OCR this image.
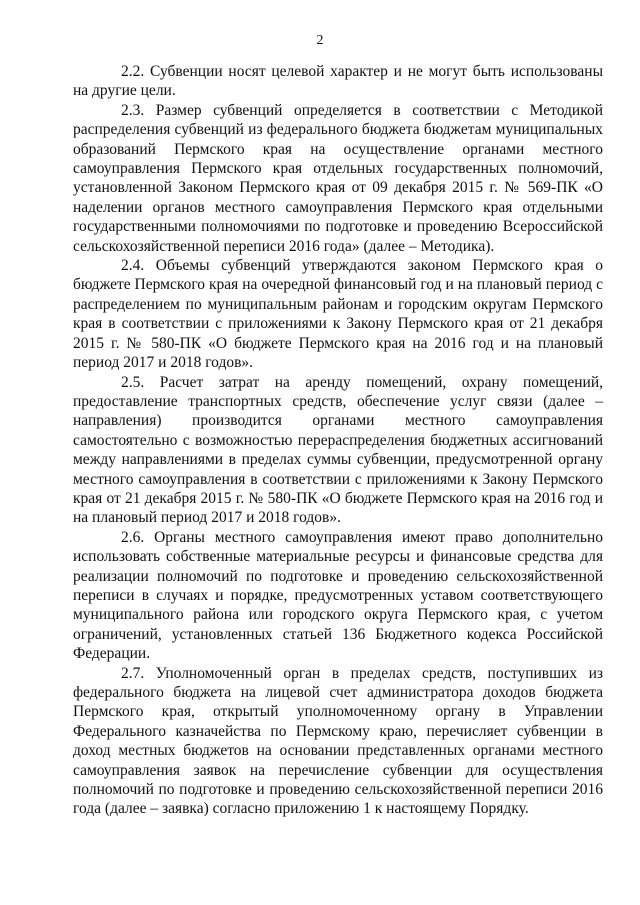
2

2.2. Субвенции носят целевой характер и не могут быть использованы на другие цели.

2.3. Размер субвенций определяется в соответствии с Методикой распределения субвенций из федерального бюджета бюджетам муниципальных образований Пермского края на осуществление органами местного самоуправления Пермского края отдельных государственных полномочий, установленной Законом Пермского края от 09 декабря 2015 г. № 569-ПК «О наделении органов местного самоуправления Пермского края отдельными государственными полномочиями по подготовке и проведению Всероссийской сельскохозяйственной переписи 2016 года» (далее – Методика).

2.4. Объемы субвенций утверждаются законом Пермского края о бюджете Пермского края на очередной финансовый год и на плановый период с распределением по муниципальным районам и городским округам Пермского края в соответствии с приложениями к Закону Пермского края от 21 декабря 2015 г. № 580-ПК «О бюджете Пермского края на 2016 год и на плановый период 2017 и 2018 годов».

2.5. Расчет затрат на аренду помещений, охрану помещений, предоставление транспортных средств, обеспечение услуг связи (далее – направления) производится органами местного самоуправления самостоятельно с возможностью перераспределения бюджетных ассигнований между направлениями в пределах суммы субвенции, предусмотренной органу местного самоуправления в соответствии с приложениями к Закону Пермского края от 21 декабря 2015 г. № 580-ПК «О бюджете Пермского края на 2016 год и на плановый период 2017 и 2018 годов».

2.6. Органы местного самоуправления имеют право дополнительно использовать собственные материальные ресурсы и финансовые средства для реализации полномочий по подготовке и проведению сельскохозяйственной переписи в случаях и порядке, предусмотренных уставом соответствующего муниципального района или городского округа Пермского края, с учетом ограничений, установленных статьей 136 Бюджетного кодекса Российской Федерации.

2.7. Уполномоченный орган в пределах средств, поступивших из федерального бюджета на лицевой счет администратора доходов бюджета Пермского края, открытый уполномоченному органу в Управлении Федерального казначейства по Пермскому краю, перечисляет субвенции в доход местных бюджетов на основании представленных органами местного самоуправления заявок на перечисление субвенции для осуществления полномочий по подготовке и проведению сельскохозяйственной переписи 2016 года (далее – заявка) согласно приложению 1 к настоящему Порядку.
